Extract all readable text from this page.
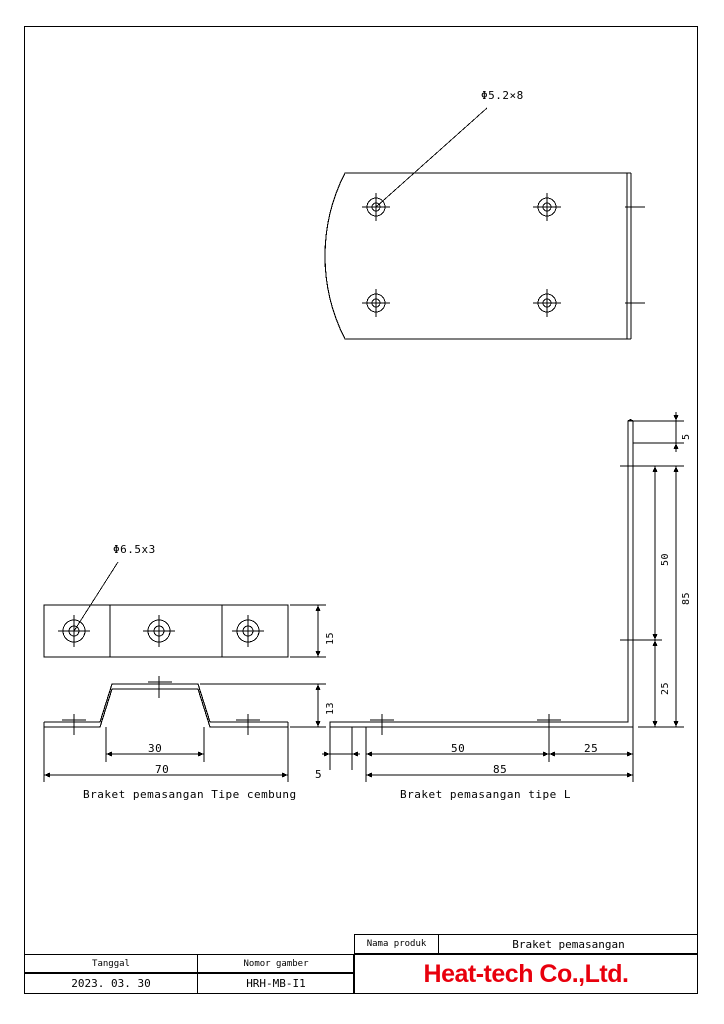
Φ5.2×8
Φ6.5x3
15
13
30
70
Braket pemasangan Tipe cembung
5
50
85
25
5
50	25
85
Braket pemasangan tipe L
Nama produk	Braket pemasangan
Tanggal	Nomor gamber
2023. 03. 30	HRH-MB-I1	Heat-tech Co.,Ltd.
